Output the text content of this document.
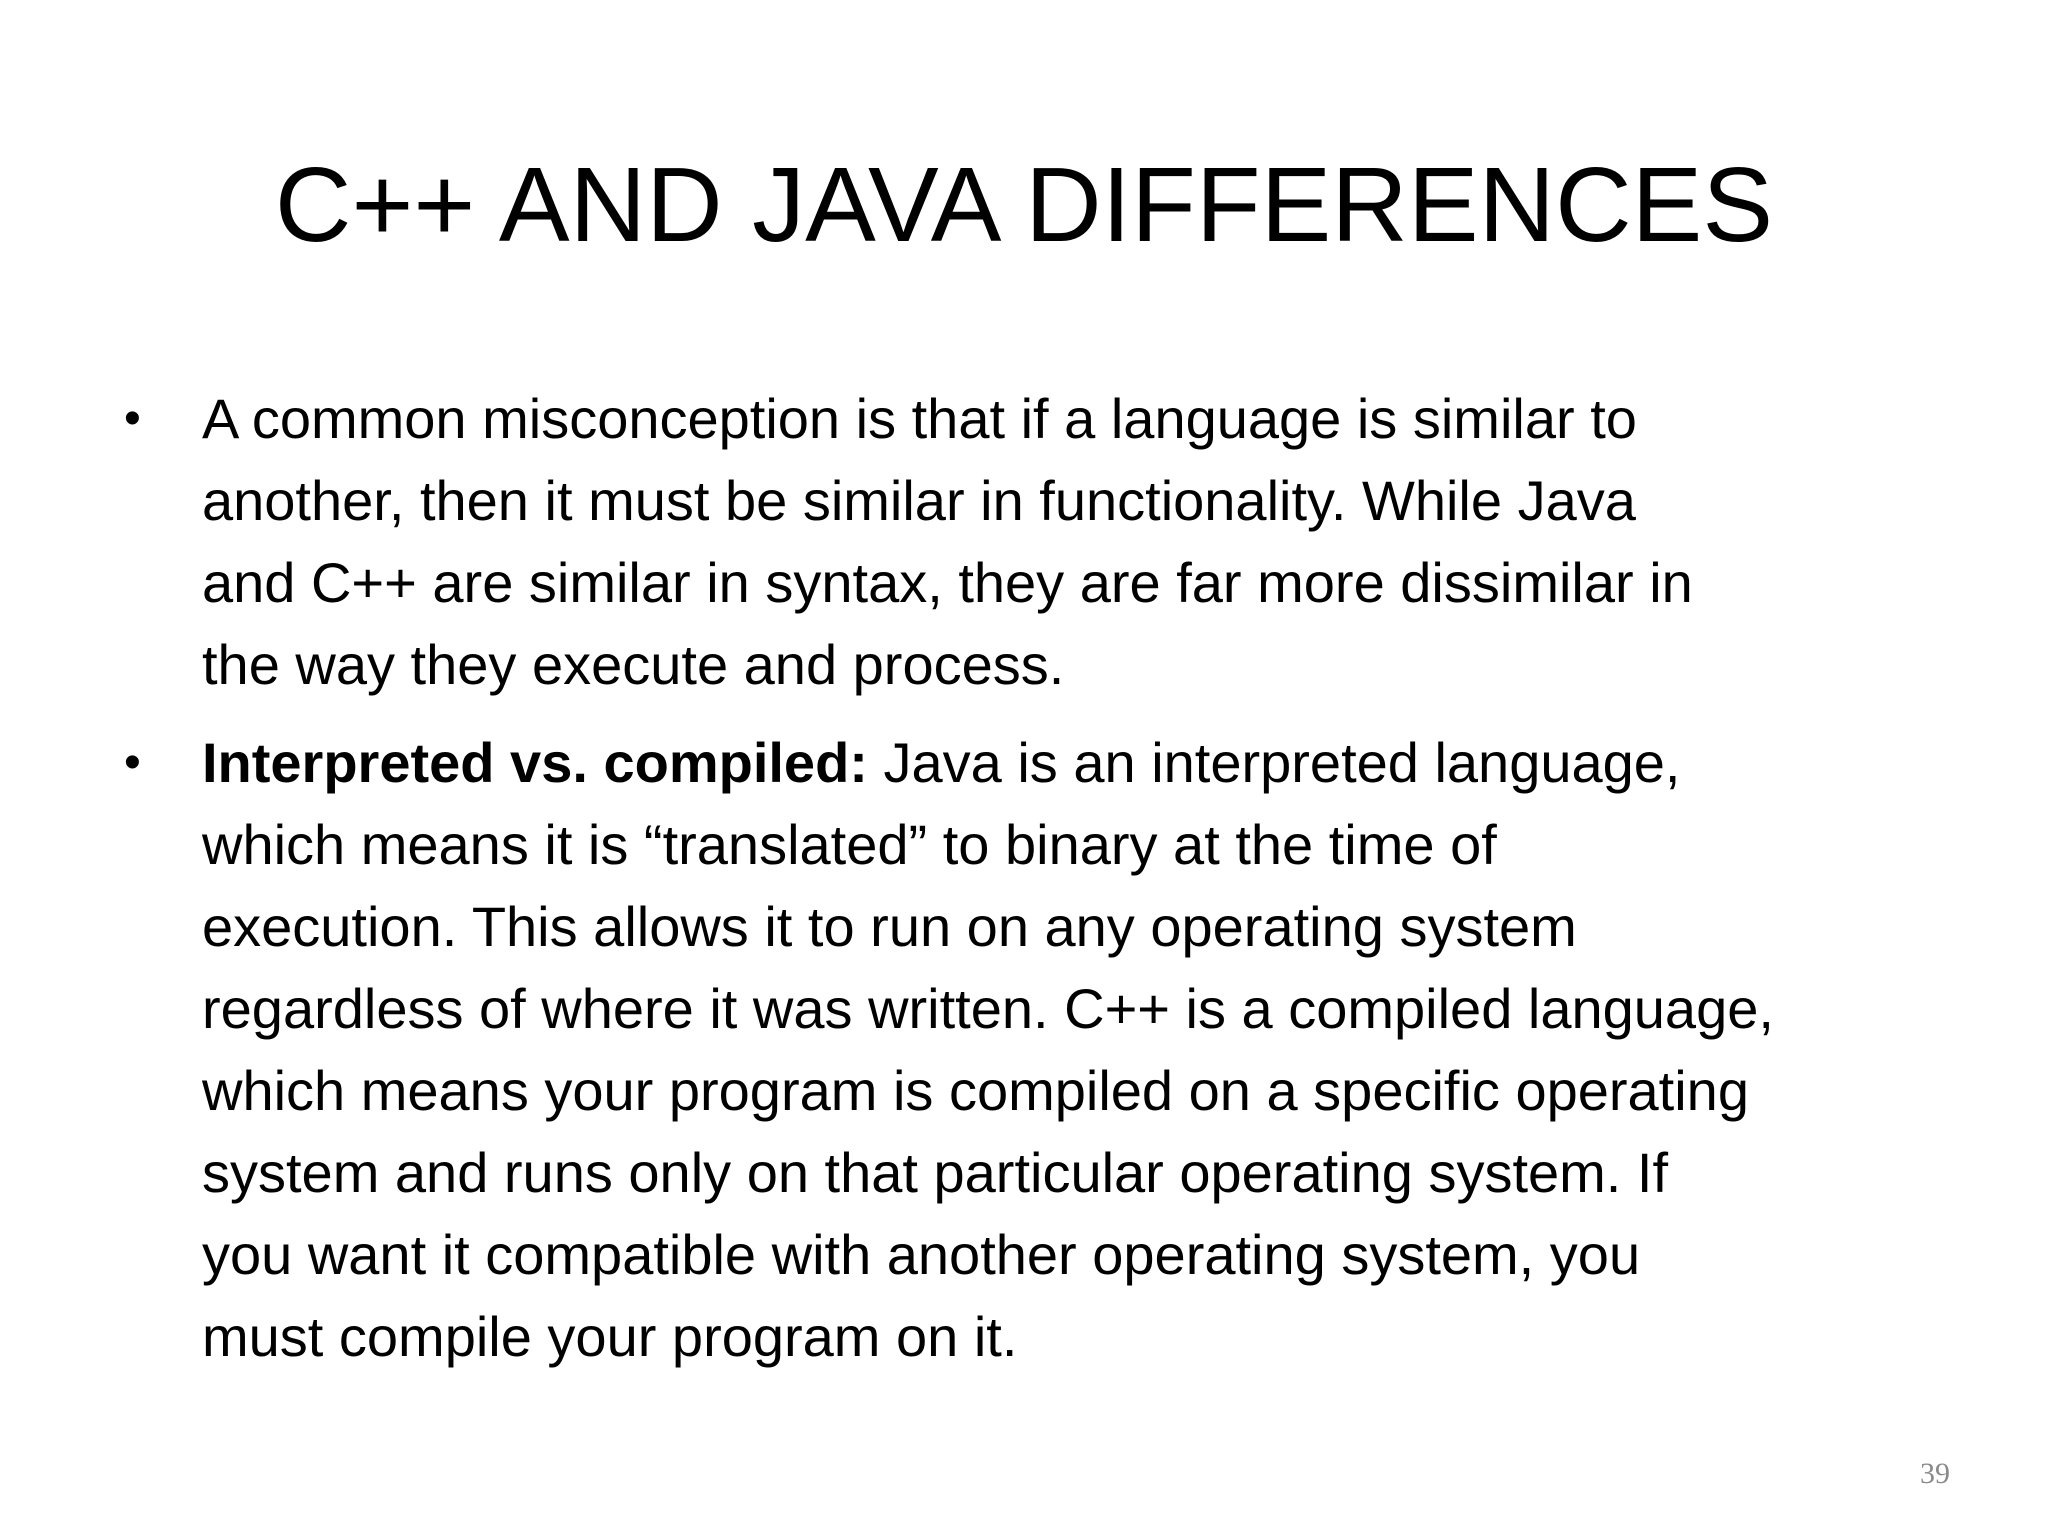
C++ AND JAVA DIFFERENCES
• A common misconception is that if a language is similar to
another, then it must be similar in functionality. While Java
and C++ are similar in syntax, they are far more dissimilar in
the way they execute and process.
• Interpreted vs. compiled: Java is an interpreted language,
which means it is “translated” to binary at the time of
execution. This allows it to run on any operating system
regardless of where it was written. C++ is a compiled language,
which means your program is compiled on a specific operating
system and runs only on that particular operating system. If
you want it compatible with another operating system, you
must compile your program on it.
39
